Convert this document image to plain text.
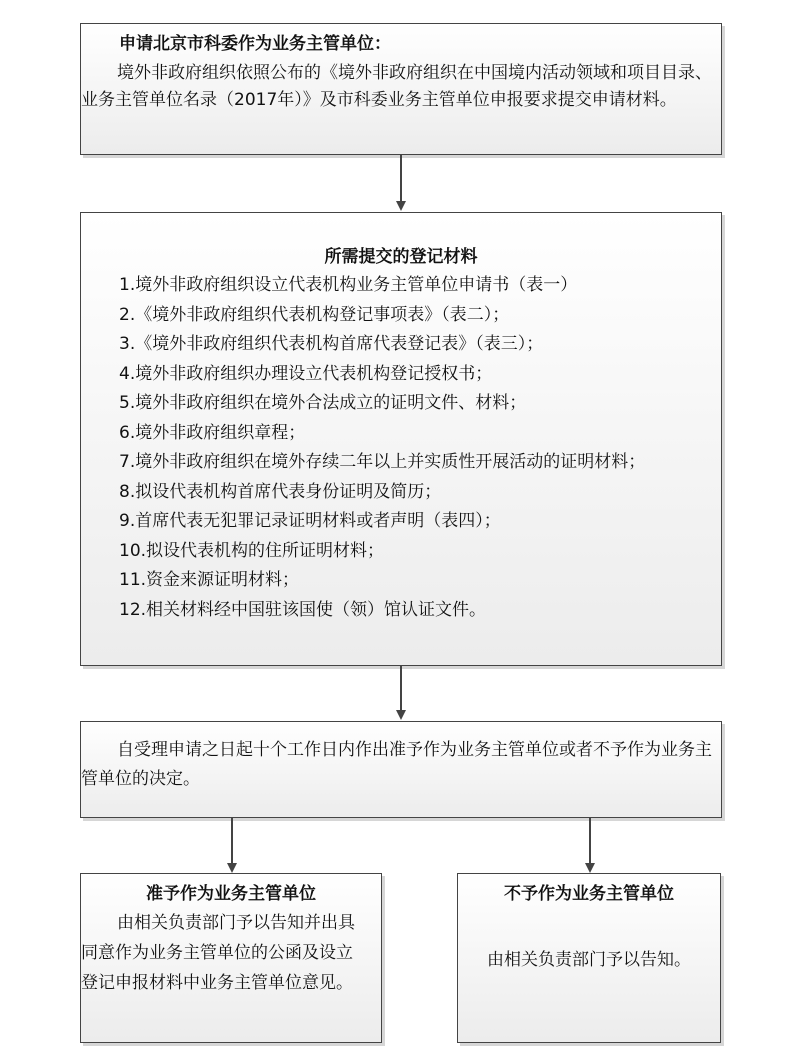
申请北京市科委作为业务主管单位：
境外非政府组织依照公布的《境外非政府组织在中国境内活动领域和项目目录、业务主管单位名录（2017年）》及市科委业务主管单位申报要求提交申请材料。
所需提交的登记材料
1.境外非政府组织设立代表机构业务主管单位申请书（表一）
2.《境外非政府组织代表机构登记事项表》（表二）；
3.《境外非政府组织代表机构首席代表登记表》（表三）；
4.境外非政府组织办理设立代表机构登记授权书；
5.境外非政府组织在境外合法成立的证明文件、材料；
6.境外非政府组织章程；
7.境外非政府组织在境外存续二年以上并实质性开展活动的证明材料；
8.拟设代表机构首席代表身份证明及简历；
9.首席代表无犯罪记录证明材料或者声明（表四）；
10.拟设代表机构的住所证明材料；
11.资金来源证明材料；
12.相关材料经中国驻该国使（领）馆认证文件。
自受理申请之日起十个工作日内作出准予作为业务主管单位或者不予作为业务主管单位的决定。
准予作为业务主管单位
由相关负责部门予以告知并出具同意作为业务主管单位的公函及设立登记申报材料中业务主管单位意见。
不予作为业务主管单位
由相关负责部门予以告知。
